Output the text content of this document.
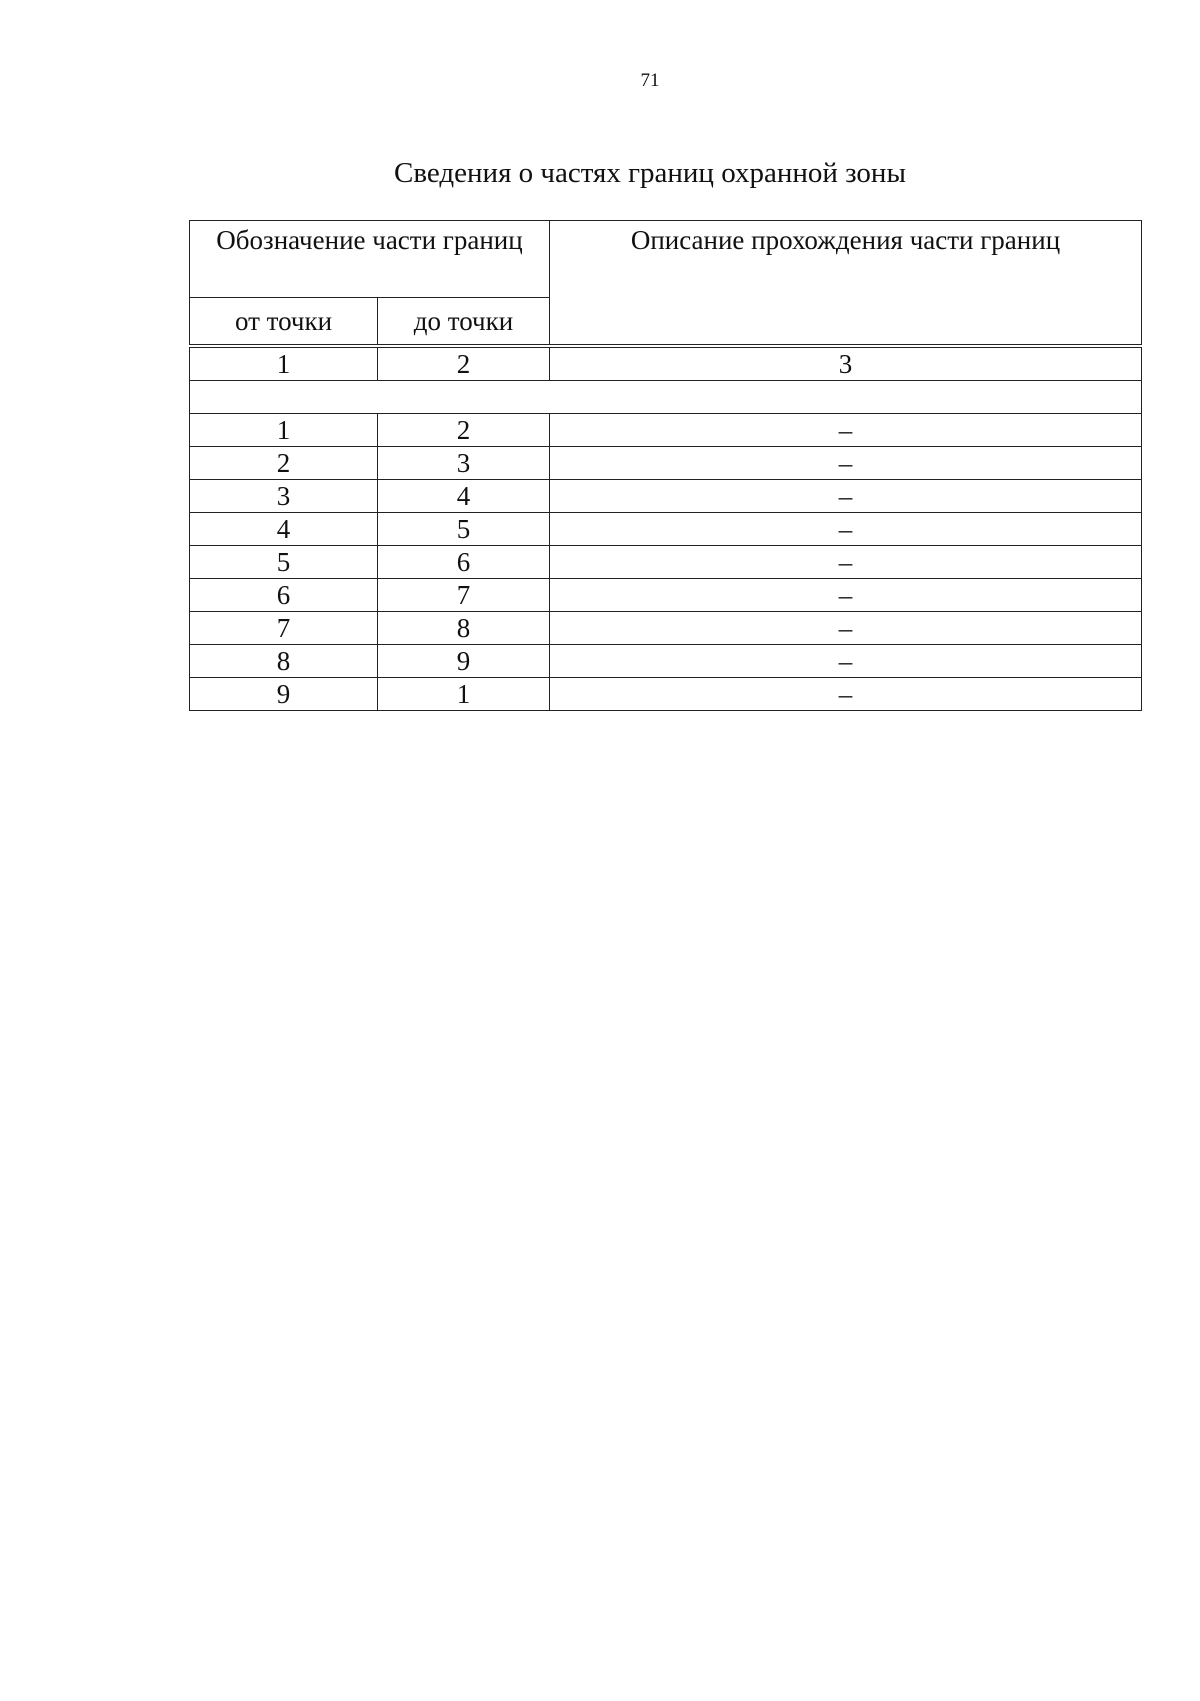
71
Сведения о частях границ охранной зоны
Обозначение части границ		Описание прохождения части границ
от точки	до точки	

1	2	3

1	2	–
2	3	–
3	4	–
4	5	–
5	6	–
6	7	–
7	8	–
8	9	–
9	1	–
